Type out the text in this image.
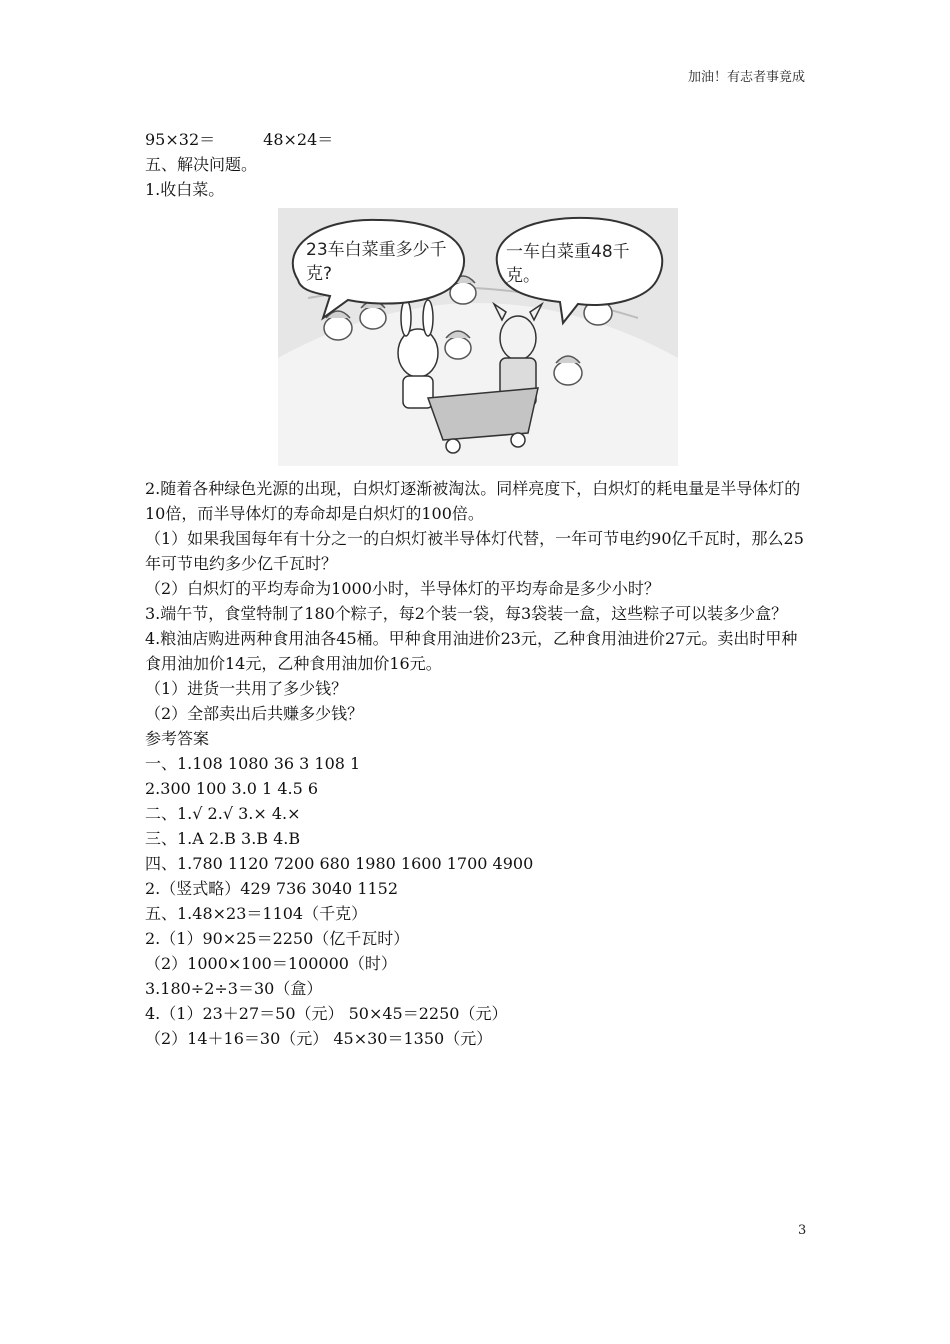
加油！有志者事竟成
95×32＝	48×24＝
五、解决问题。
1.收白菜。
23车白菜重多少千克?
一车白菜重48千克。
2.随着各种绿色光源的出现，白炽灯逐渐被淘汰。同样亮度下，白炽灯的耗电量是半导体灯的10倍，而半导体灯的寿命却是白炽灯的100倍。
（1）如果我国每年有十分之一的白炽灯被半导体灯代替，一年可节电约90亿千瓦时，那么25年可节电约多少亿千瓦时？
（2）白炽灯的平均寿命为1000小时，半导体灯的平均寿命是多少小时？
3.端午节，食堂特制了180个粽子，每2个装一袋，每3袋装一盒，这些粽子可以装多少盒？
4.粮油店购进两种食用油各45桶。甲种食用油进价23元，乙种食用油进价27元。卖出时甲种食用油加价14元，乙种食用油加价16元。
（1）进货一共用了多少钱？
（2）全部卖出后共赚多少钱？
参考答案
一、1.108 1080 36 3 108 1
2.300 100 3.0 1 4.5 6
二、1.√ 2.√ 3.× 4.×
三、1.A 2.B 3.B 4.B
四、1.780 1120 7200 680 1980 1600 1700 4900
2.（竖式略）429 736 3040 1152
五、1.48×23＝1104（千克）
2.（1）90×25＝2250（亿千瓦时）
（2）1000×100＝100000（时）
3.180÷2÷3＝30（盒）
4.（1）23＋27＝50（元） 50×45＝2250（元）
（2）14＋16＝30（元） 45×30＝1350（元）
3
